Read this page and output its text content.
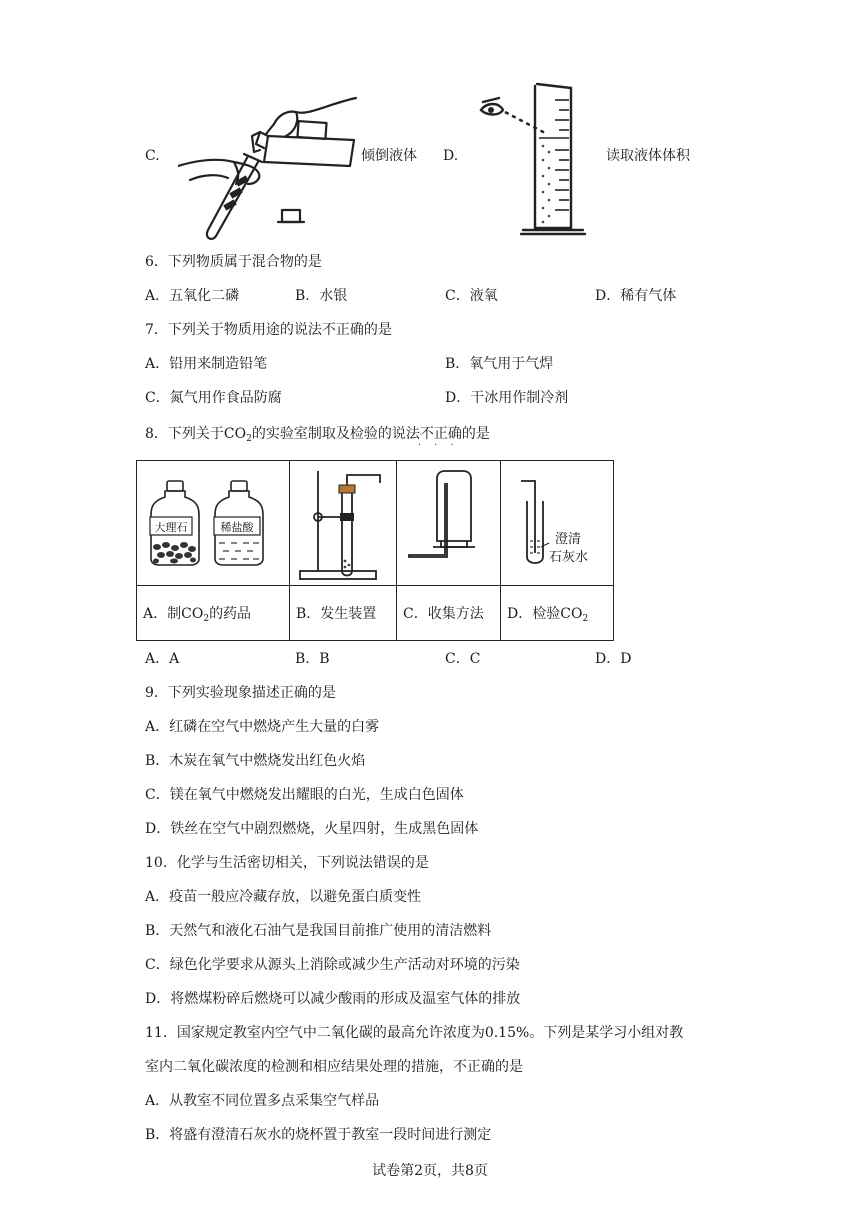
C.	倾倒液体 D.	读取液体体积
6．下列物质属于混合物的是
A．五氧化二磷	B．水银	C．液氧	D．稀有气体
7．下列关于物质用途的说法不正确的是
A．铅用来制造铅笔	B．氧气用于气焊
C．氮气用作食品防腐	D．干冰用作制冷剂
8．下列关于$CO_2$的实验室制取及检验的说法不正确的是
···
大理石 稀盐酸			澄清
石灰水

A．制$CO_2$的药品	B．发生装置	C．收集方法	D．检验$CO_2$
A．A	B．B	C．C	D．D
9．下列实验现象描述正确的是
A．红磷在空气中燃烧产生大量的白雾
B．木炭在氧气中燃烧发出红色火焰
C．镁在氧气中燃烧发出耀眼的白光，生成白色固体
D．铁丝在空气中剧烈燃烧，火星四射，生成黑色固体
10．化学与生活密切相关，下列说法错误的是
A．疫苗一般应冷藏存放，以避免蛋白质变性
B．天然气和液化石油气是我国目前推广使用的清洁燃料
C．绿色化学要求从源头上消除或减少生产活动对环境的污染
D．将燃煤粉碎后燃烧可以减少酸雨的形成及温室气体的排放
11．国家规定教室内空气中二氧化碳的最高允许浓度为0.15%。下列是某学习小组对教
室内二氧化碳浓度的检测和相应结果处理的措施，不正确的是
A．从教室不同位置多点采集空气样品
B．将盛有澄清石灰水的烧杯置于教室一段时间进行测定
试卷第2页，共8页
